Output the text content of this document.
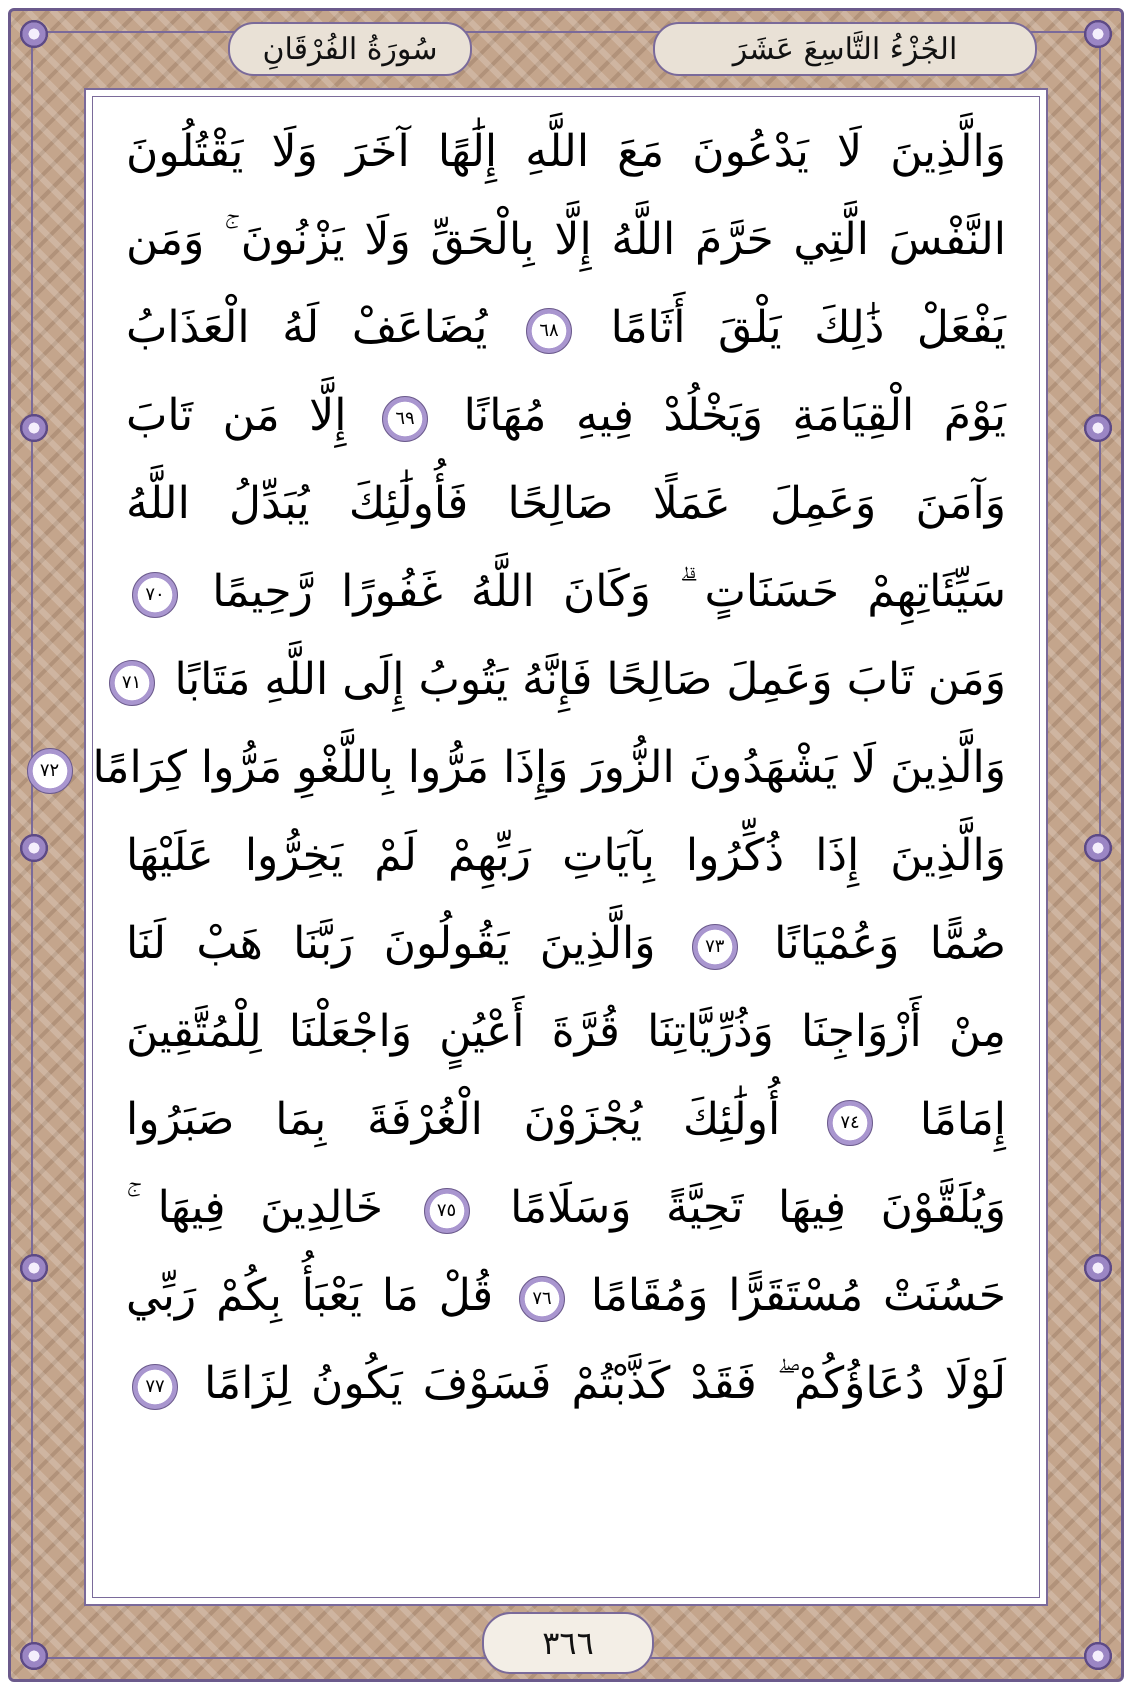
الجُزْءُ التَّاسِعَ عَشَرَ
سُورَةُ الفُرْقَانِ
وَالَّذِينَ لَا يَدْعُونَ مَعَ اللَّهِ إِلَٰهًا آخَرَ وَلَا يَقْتُلُونَ
النَّفْسَ الَّتِي حَرَّمَ اللَّهُ إِلَّا بِالْحَقِّ وَلَا يَزْنُونَ ۚ وَمَن
يَفْعَلْ ذَٰلِكَ يَلْقَ أَثَامًا ٦٨ يُضَاعَفْ لَهُ الْعَذَابُ
يَوْمَ الْقِيَامَةِ وَيَخْلُدْ فِيهِ مُهَانًا ٦٩ إِلَّا مَن تَابَ
وَآمَنَ وَعَمِلَ عَمَلًا صَالِحًا فَأُولَٰئِكَ يُبَدِّلُ اللَّهُ
سَيِّئَاتِهِمْ حَسَنَاتٍ ۗ وَكَانَ اللَّهُ غَفُورًا رَّحِيمًا ٧٠
وَمَن تَابَ وَعَمِلَ صَالِحًا فَإِنَّهُ يَتُوبُ إِلَى اللَّهِ مَتَابًا ٧١
وَالَّذِينَ لَا يَشْهَدُونَ الزُّورَ وَإِذَا مَرُّوا بِاللَّغْوِ مَرُّوا كِرَامًا ٧٢
وَالَّذِينَ إِذَا ذُكِّرُوا بِآيَاتِ رَبِّهِمْ لَمْ يَخِرُّوا عَلَيْهَا
صُمًّا وَعُمْيَانًا ٧٣ وَالَّذِينَ يَقُولُونَ رَبَّنَا هَبْ لَنَا
مِنْ أَزْوَاجِنَا وَذُرِّيَّاتِنَا قُرَّةَ أَعْيُنٍ وَاجْعَلْنَا لِلْمُتَّقِينَ
إِمَامًا ٧٤ أُولَٰئِكَ يُجْزَوْنَ الْغُرْفَةَ بِمَا صَبَرُوا
وَيُلَقَّوْنَ فِيهَا تَحِيَّةً وَسَلَامًا ٧٥ خَالِدِينَ فِيهَا ۚ
حَسُنَتْ مُسْتَقَرًّا وَمُقَامًا ٧٦ قُلْ مَا يَعْبَأُ بِكُمْ رَبِّي
لَوْلَا دُعَاؤُكُمْ ۖ فَقَدْ كَذَّبْتُمْ فَسَوْفَ يَكُونُ لِزَامًا ٧٧
٣٦٦
